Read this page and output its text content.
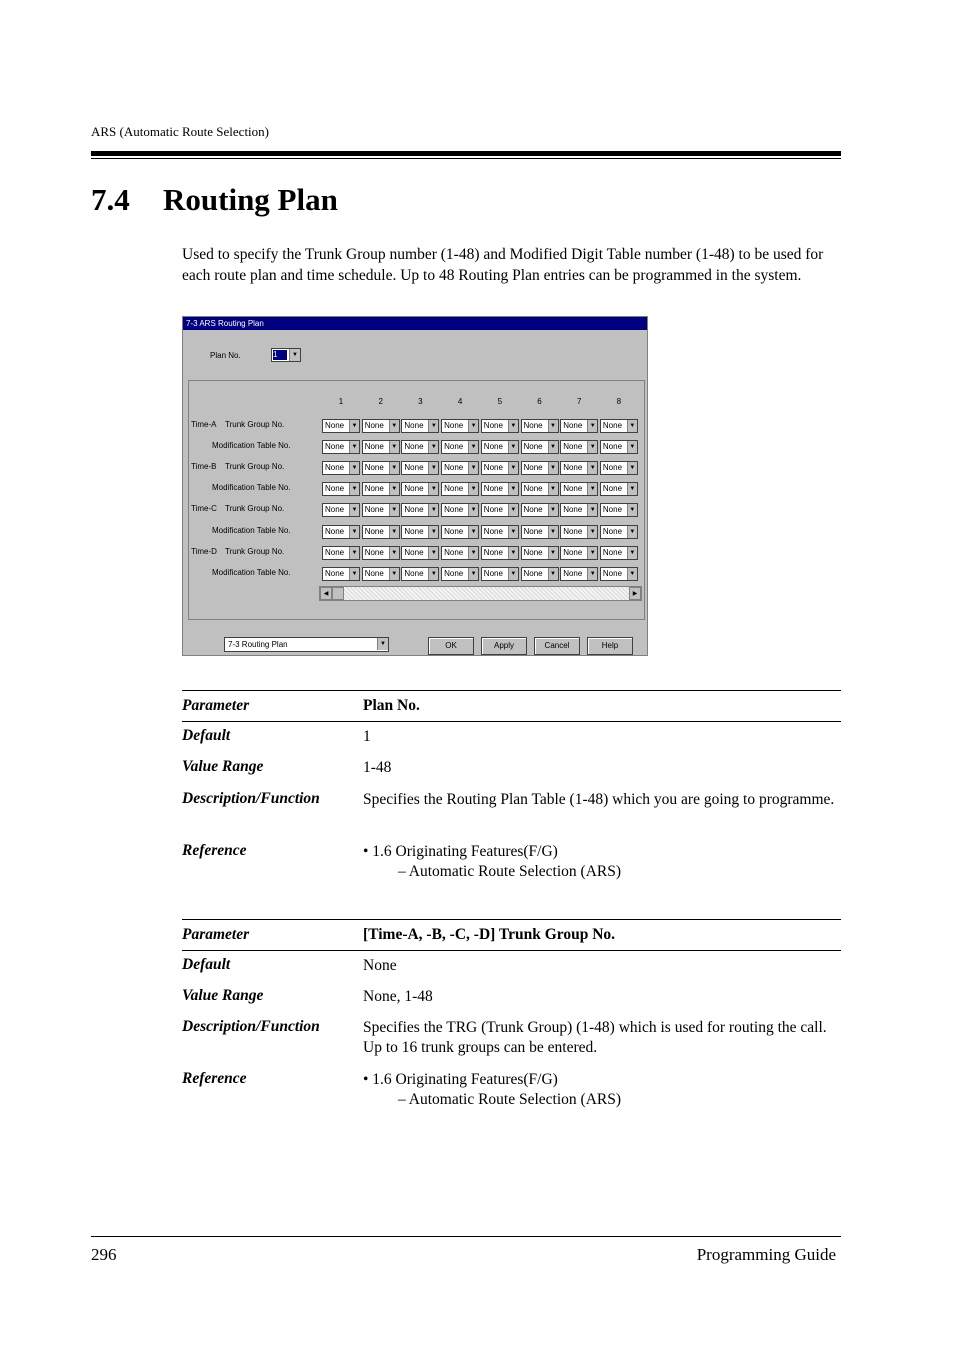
ARS (Automatic Route Selection)
7.4 Routing Plan

Used to specify the Trunk Group number (1-48) and Modified Digit Table number (1-48) to be used for each route plan and time schedule. Up to 48 Routing Plan entries can be programmed in the system.

7-3 ARS Routing Plan
Plan No.	1	▼
◀	▶
7-3 Routing Plan	▼	OK	Apply	Cancel	Help
1	2	3	4	5	6	7	8
Time-A Trunk Group No.	None	▼ None	▼ None	▼ None	▼ None	▼ None	▼ None	▼ None	▼
Modification Table No.	None	▼ None	▼ None	▼ None	▼ None	▼ None	▼ None	▼ None	▼
Time-B Trunk Group No.	None	▼ None	▼ None	▼ None	▼ None	▼ None	▼ None	▼ None	▼
Modification Table No.	None	▼ None	▼ None	▼ None	▼ None	▼ None	▼ None	▼ None	▼
Time-C Trunk Group No.	None	▼ None	▼ None	▼ None	▼ None	▼ None	▼ None	▼ None	▼
Modification Table No.	None	▼ None	▼ None	▼ None	▼ None	▼ None	▼ None	▼ None	▼
Time-D Trunk Group No.	None	▼ None	▼ None	▼ None	▼ None	▼ None	▼ None	▼ None	▼
Modification Table No.	None	▼ None	▼ None	▼ None	▼ None	▼ None	▼ None	▼ None	▼
Parameter	Plan No.
Default	1
Value Range	1-48
Description/Function	Specifies the Routing Plan Table (1-48) which you are going to programme.
Reference	• 1.6 Originating Features(F/G)
– Automatic Route Selection (ARS)
Parameter	[Time-A, -B, -C, -D] Trunk Group No.
Default	None
Value Range	None, 1-48
Description/Function	Specifies the TRG (Trunk Group) (1-48) which is used for routing the call. Up to 16 trunk groups can be entered.
Reference	• 1.6 Originating Features(F/G)
– Automatic Route Selection (ARS)
296	Programming Guide
